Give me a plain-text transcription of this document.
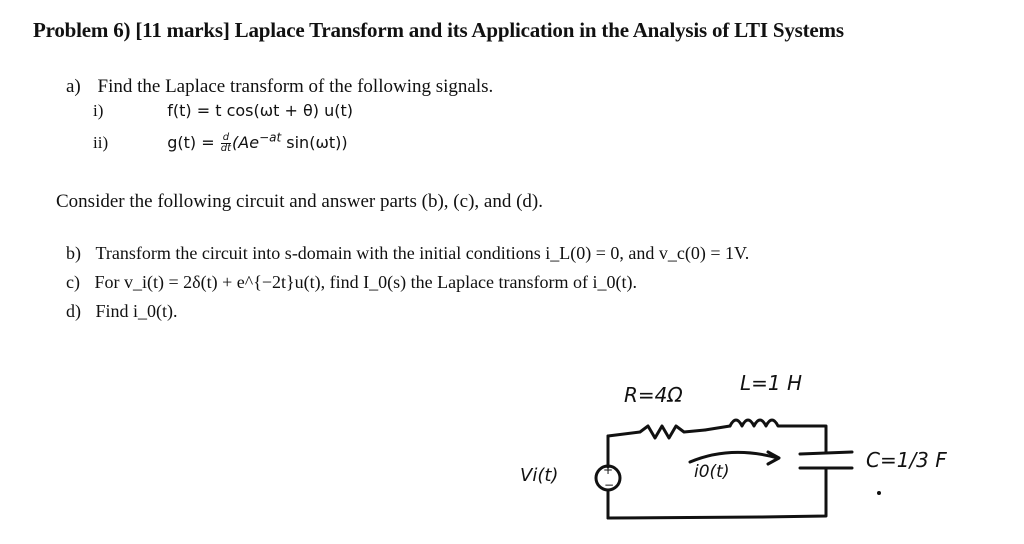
Problem 6) [11 marks] Laplace Transform and its Application in the Analysis of LTI Systems
a) Find the Laplace transform of the following signals.
i)	f(t) = t cos(ωt + θ) u(t)
ii)	$g(t) = \frac{d}{dt} (Ae^{-at}$ sin(ωt))
Consider the following circuit and answer parts (b), (c), and (d).
b) Transform the circuit into s-domain with the initial conditions i_L(0) = 0, and v_c(0) = 1V.
c) For v_i(t) = 2δ(t) + e^{−2t}u(t), find I_0(s) the Laplace transform of i_0(t).
d) Find i_0(t).
+
−
R=4Ω	L=1 H
C=1/3 F
Vi(t)	i0(t)
